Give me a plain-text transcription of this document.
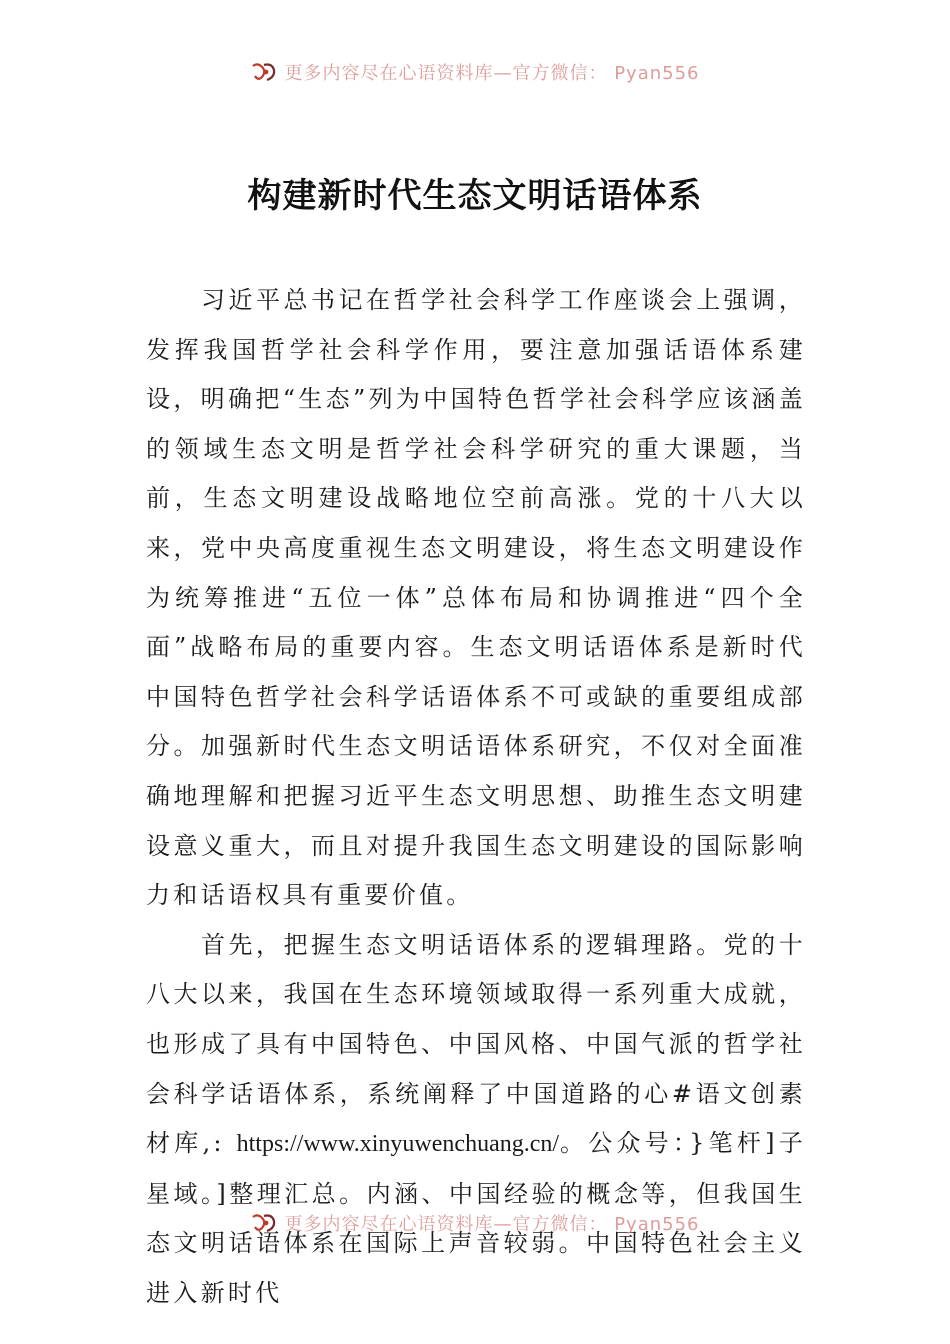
更多内容尽在心语资料库—官方微信： Pyan556
构建新时代生态文明话语体系

习近平总书记在哲学社会科学工作座谈会上强调，发挥我国哲学社会科学作用，要注意加强话语体系建设，明确把“生态”列为中国特色哲学社会科学应该涵盖的领域生态文明是哲学社会科学研究的重大课题，当前，生态文明建设战略地位空前高涨。党的十八大以来，党中央高度重视生态文明建设，将生态文明建设作为统筹推进“五位一体”总体布局和协调推进“四个全面”战略布局的重要内容。生态文明话语体系是新时代中国特色哲学社会科学话语体系不可或缺的重要组成部分。加强新时代生态文明话语体系研究，不仅对全面准确地理解和把握习近平生态文明思想、助推生态文明建设意义重大，而且对提升我国生态文明建设的国际影响力和话语权具有重要价值。

首先，把握生态文明话语体系的逻辑理路。党的十八大以来，我国在生态环境领域取得一系列重大成就，也形成了具有中国特色、中国风格、中国气派的哲学社会科学话语体系，系统阐释了中国道路的心#语文创素材库,: https://www.xinyuwenchuang.cn/。公众号：}笔杆]子星域。]整理汇总。内涵、中国经验的概念等，但我国生态文明话语体系在国际上声音较弱。中国特色社会主义进入新时代

更多内容尽在心语资料库—官方微信： Pyan556
